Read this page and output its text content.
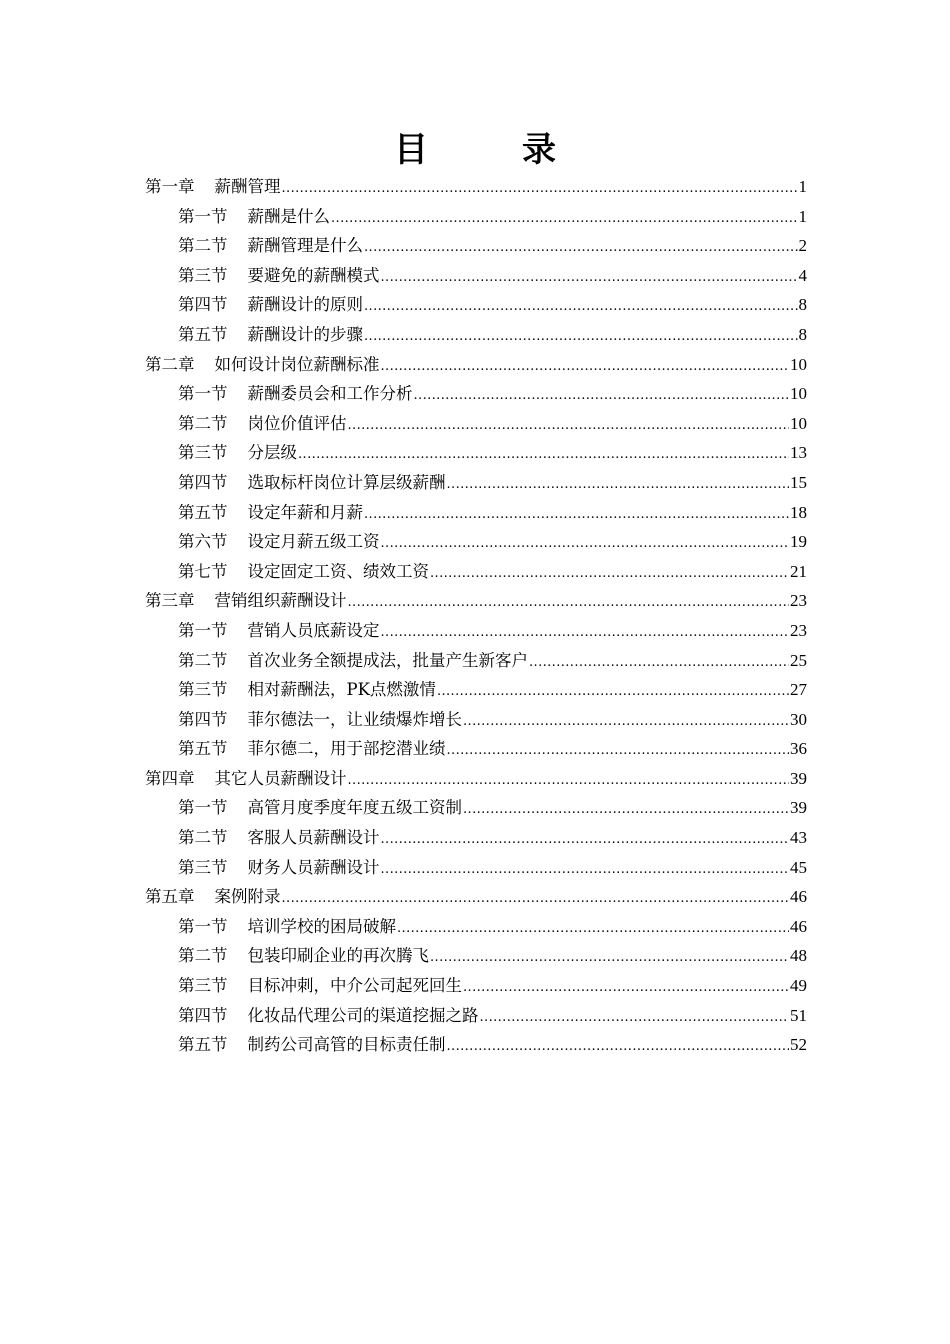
目　录
第一章	薪酬管理 .....	1
第一节	薪酬是什么 .....	1
第二节	薪酬管理是什么 .....	2
第三节	要避免的薪酬模式 .....	4
第四节	薪酬设计的原则 .....	8
第五节	薪酬设计的步骤 .....	8
第二章	如何设计岗位薪酬标准 .....	10
第一节	薪酬委员会和工作分析 .....	10
第二节	岗位价值评估 .....	10
第三节	分层级 .....	13
第四节	选取标杆岗位计算层级薪酬 .....	15
第五节	设定年薪和月薪 .....	18
第六节	设定月薪五级工资 .....	19
第七节	设定固定工资、绩效工资 .....	21
第三章	营销组织薪酬设计 .....	23
第一节	营销人员底薪设定 .....	23
第二节	首次业务全额提成法，批量产生新客户 .....	25
第三节	相对薪酬法，PK点燃激情 .....	27
第四节	菲尔德法一，让业绩爆炸增长 .....	30
第五节	菲尔德二，用于部挖潜业绩 .....	36
第四章	其它人员薪酬设计 .....	39
第一节	高管月度季度年度五级工资制 .....	39
第二节	客服人员薪酬设计 .....	43
第三节	财务人员薪酬设计 .....	45
第五章	案例附录 .....	46
第一节	培训学校的困局破解 .....	46
第二节	包装印刷企业的再次腾飞 .....	48
第三节	目标冲刺，中介公司起死回生 .....	49
第四节	化妆品代理公司的渠道挖掘之路 .....	51
第五节	制药公司高管的目标责任制 .....	52
